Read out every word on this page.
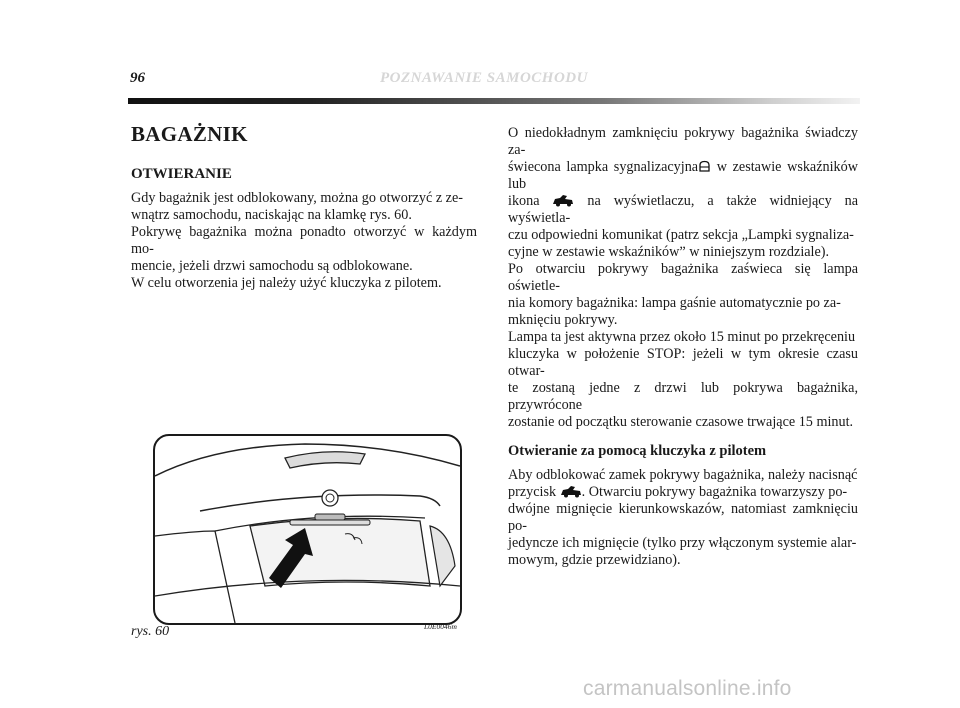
96	POZNAWANIE SAMOCHODU
BAGAŻNIK
OTWIERANIE
Gdy bagażnik jest odblokowany, można go otworzyć z ze-
wnątrz samochodu, naciskając na klamkę rys. 60.
Pokrywę bagażnika można ponadto otworzyć w każdym mo-
mencie, jeżeli drzwi samochodu są odblokowane.
W celu otworzenia jej należy użyć kluczyka z pilotem.
O niedokładnym zamknięciu pokrywy bagażnika świadczy za-
świecona lampka sygnalizacyjna w zestawie wskaźników lub
ikona  na wyświetlaczu, a także widniejący na wyświetla-
czu odpowiedni komunikat (patrz sekcja „Lampki sygnaliza-
cyjne w zestawie wskaźników” w niniejszym rozdziale).
Po otwarciu pokrywy bagażnika zaświeca się lampa oświetle-
nia komory bagażnika: lampa gaśnie automatycznie po za-
mknięciu pokrywy.
Lampa ta jest aktywna przez około 15 minut po przekręceniu
kluczyka w położenie STOP: jeżeli w tym okresie czasu otwar-
te zostaną jedne z drzwi lub pokrywa bagażnika, przywrócone
zostanie od początku sterowanie czasowe trwające 15 minut.
Otwieranie za pomocą kluczyka z pilotem
Aby odblokować zamek pokrywy bagażnika, należy nacisnąć
przycisk . Otwarciu pokrywy bagażnika towarzyszy po-
dwójne mignięcie kierunkowskazów, natomiast zamknięciu po-
jedyncze ich mignięcie (tylko przy włączonym systemie alar-
mowym, gdzie przewidziano).
rys. 60	L0E0046m
carmanualsonline.info
